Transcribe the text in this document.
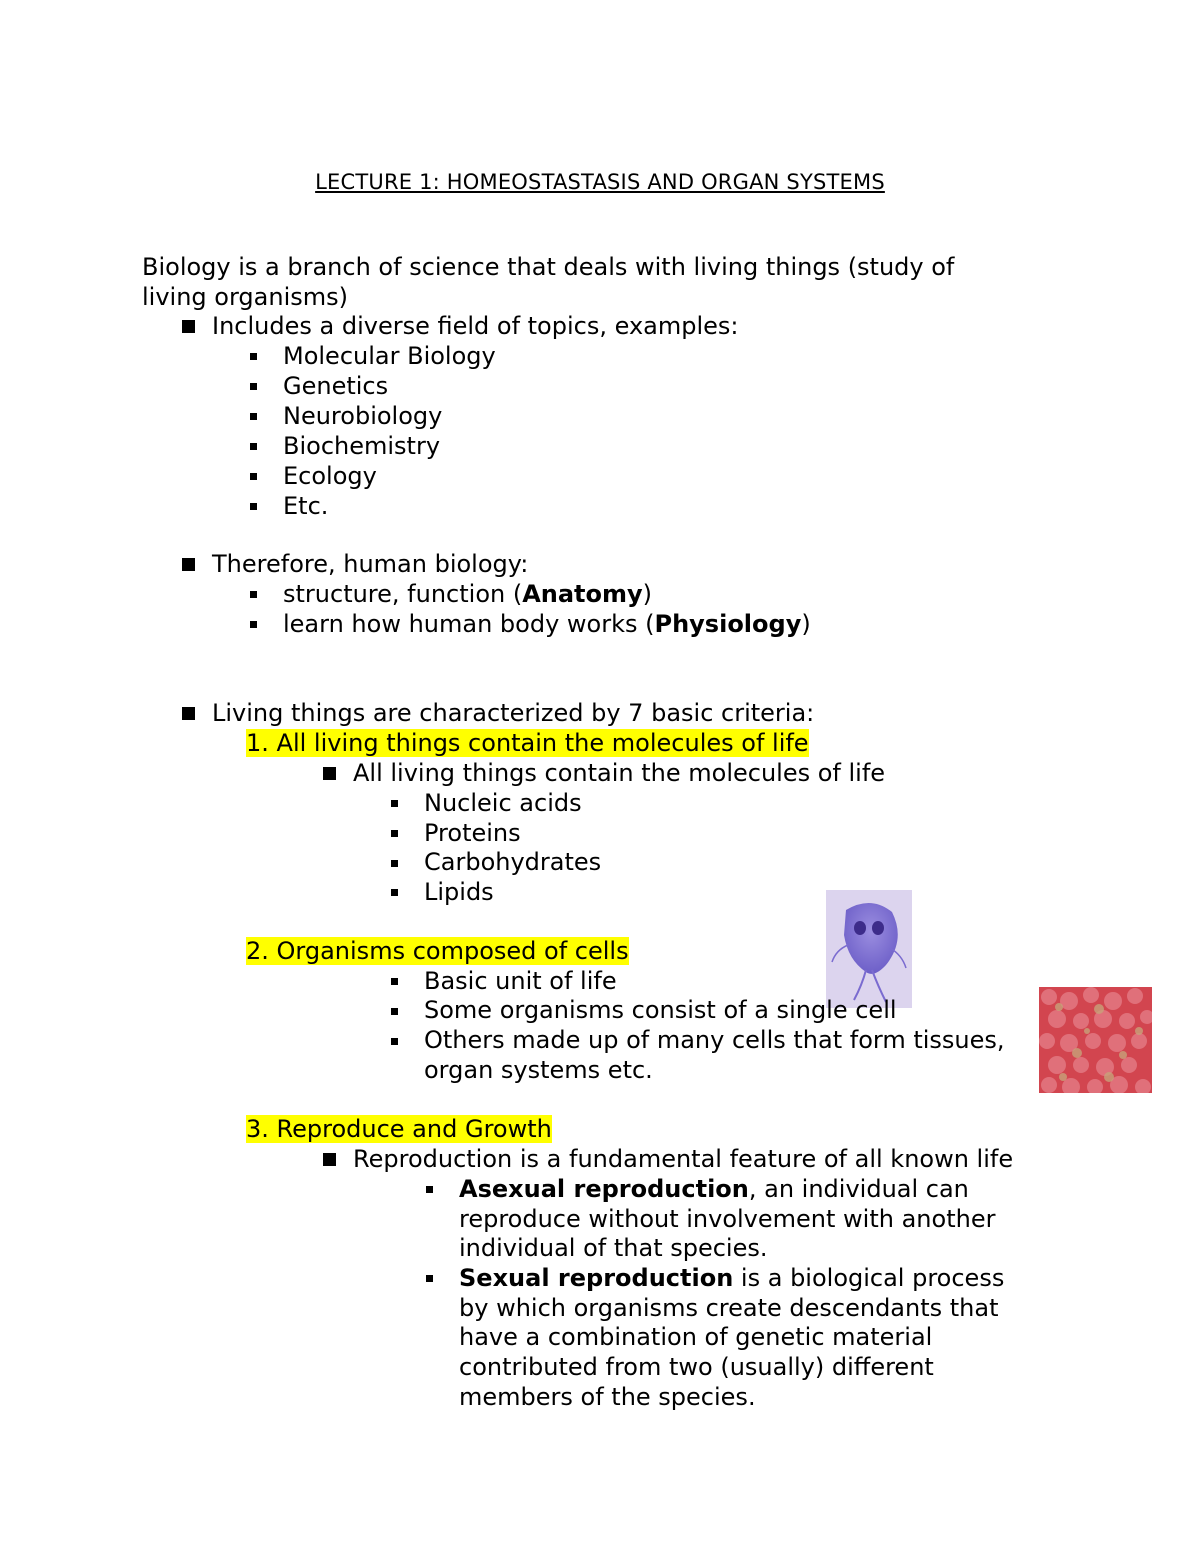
LECTURE 1: HOMEOSTASTASIS AND ORGAN SYSTEMS
Biology is a branch of science that deals with living things (study of
living organisms)
Includes a diverse field of topics, examples:
Molecular Biology
Genetics
Neurobiology
Biochemistry
Ecology
Etc.
Therefore, human biology:
structure, function (Anatomy)
learn how human body works (Physiology)
Living things are characterized by 7 basic criteria:
1. All living things contain the molecules of life
All living things contain the molecules of life
Nucleic acids
Proteins
Carbohydrates
Lipids
2. Organisms composed of cells
Basic unit of life
Some organisms consist of a single cell
Others made up of many cells that form tissues,
organ systems etc.
3. Reproduce and Growth
Reproduction is a fundamental feature of all known life
Asexual reproduction, an individual can
reproduce without involvement with another
individual of that species.
Sexual reproduction is a biological process
by which organisms create descendants that
have a combination of genetic material
contributed from two (usually) different
members of the species.
